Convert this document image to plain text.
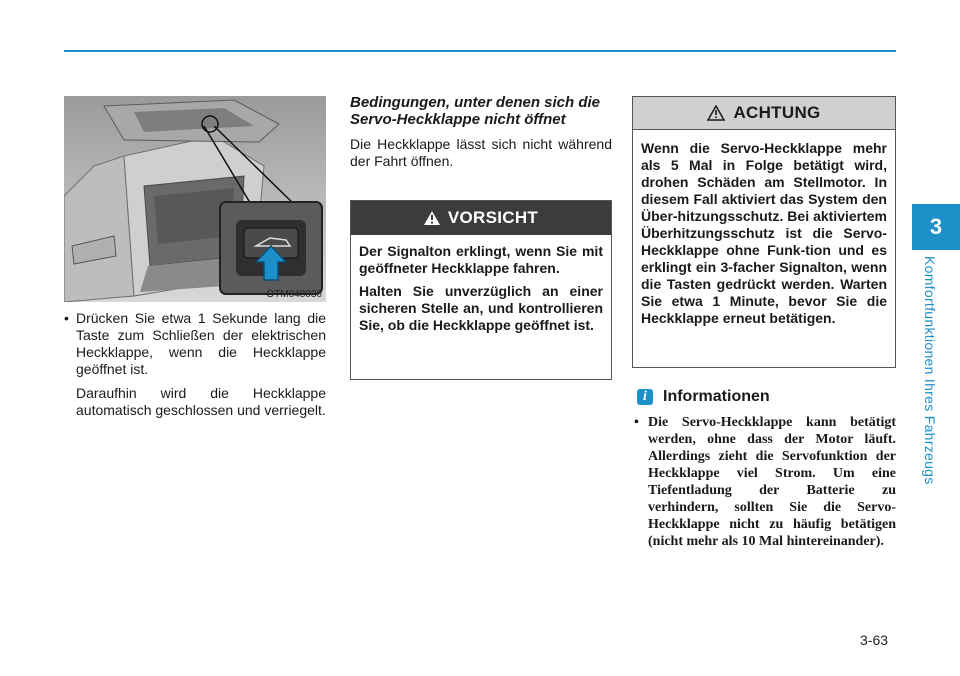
3
Komfortfunktionen Ihres Fahrzeugs
OTM048036
• Drücken Sie etwa 1 Sekunde lang die Taste zum Schließen der elektrischen Heckklappe, wenn die Heckklappe geöffnet ist.
Daraufhin wird die Heckklappe automatisch geschlossen und verriegelt.
Bedingungen, unter denen sich die Servo-Heckklappe nicht öffnet

Die Heckklappe lässt sich nicht während der Fahrt öffnen.

VORSICHT

Der Signalton erklingt, wenn Sie mit geöffneter Heckklappe fahren.

Halten Sie unverzüglich an einer sicheren Stelle an, und kontrollieren Sie, ob die Heckklappe geöffnet ist.

ACHTUNG

Wenn die Servo-Heckklappe mehr als 5 Mal in Folge betätigt wird, drohen Schäden am Stellmotor. In diesem Fall aktiviert das System den Über-hitzungsschutz. Bei aktiviertem Überhitzungsschutz ist die Servo-Heckklappe ohne Funk-tion und es erklingt ein 3-facher Signalton, wenn die Tasten gedrückt werden. Warten Sie etwa 1 Minute, bevor Sie die Heckklappe erneut betätigen.

i	Informationen
• Die Servo-Heckklappe kann betätigt werden, ohne dass der Motor läuft. Allerdings zieht die Servofunktion der Heckklappe viel Strom. Um eine Tiefentladung der Batterie zu verhindern, sollten Sie die Servo-Heckklappe nicht zu häufig betätigen (nicht mehr als 10 Mal hintereinander).
3-63
